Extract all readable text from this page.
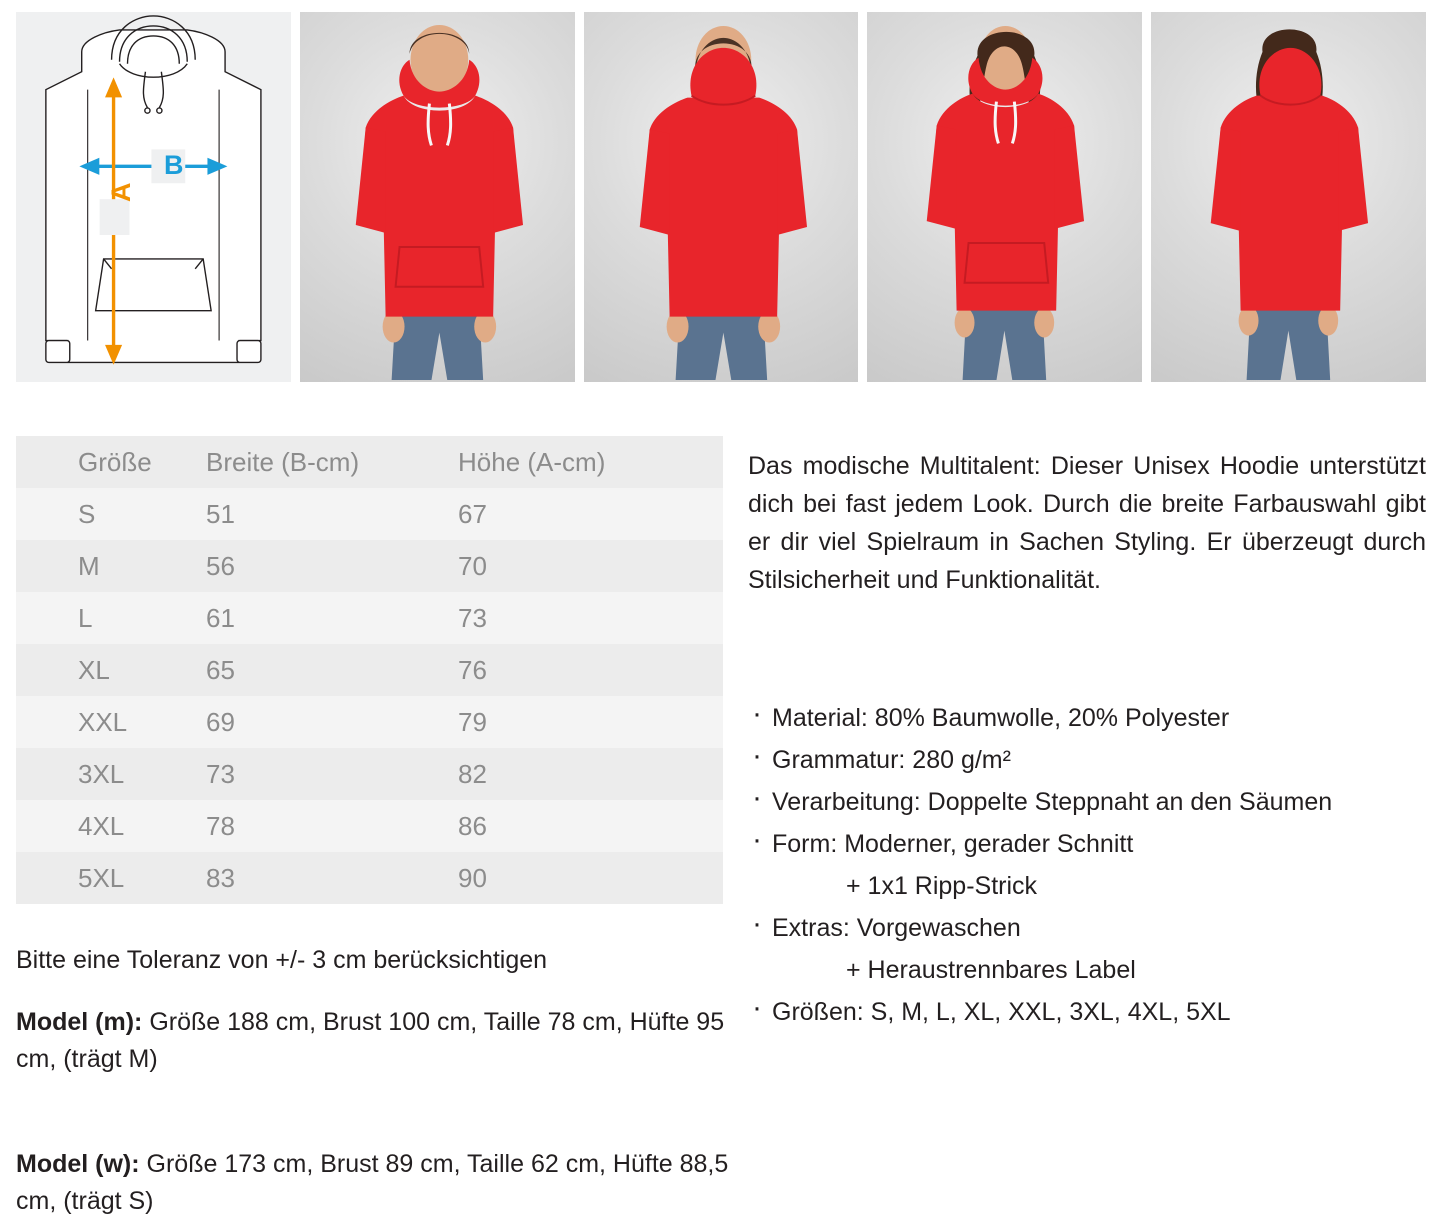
B
A
Größe	Breite (B-cm)	Höhe (A-cm)
S	51	67
M	56	70
L	61	73
XL	65	76
XXL	69	79
3XL	73	82
4XL	78	86
5XL	83	90
Bitte eine Toleranz von +/- 3 cm berücksichtigen
Model (m): Größe 188 cm, Brust 100 cm, Taille 78 cm, Hüfte 95 cm, (trägt M)
Model (w): Größe 173 cm, Brust 89 cm, Taille 62 cm, Hüfte 88,5 cm, (trägt S)
Das modische Multitalent: Dieser Unisex Hoodie unterstützt dich bei fast jedem Look. Durch die breite Farbauswahl gibt er dir viel Spielraum in Sachen Styling. Er überzeugt durch Stilsicherheit und Funktionalität.
· Material: 80% Baumwolle, 20% Polyester
· Grammatur: 280 g/m²
· Verarbeitung: Doppelte Steppnaht an den Säumen
· Form: Moderner, gerader Schnitt
+ 1x1 Ripp-Strick
· Extras: Vorgewaschen
+ Heraustrennbares Label
· Größen: S, M, L, XL, XXL, 3XL, 4XL, 5XL
